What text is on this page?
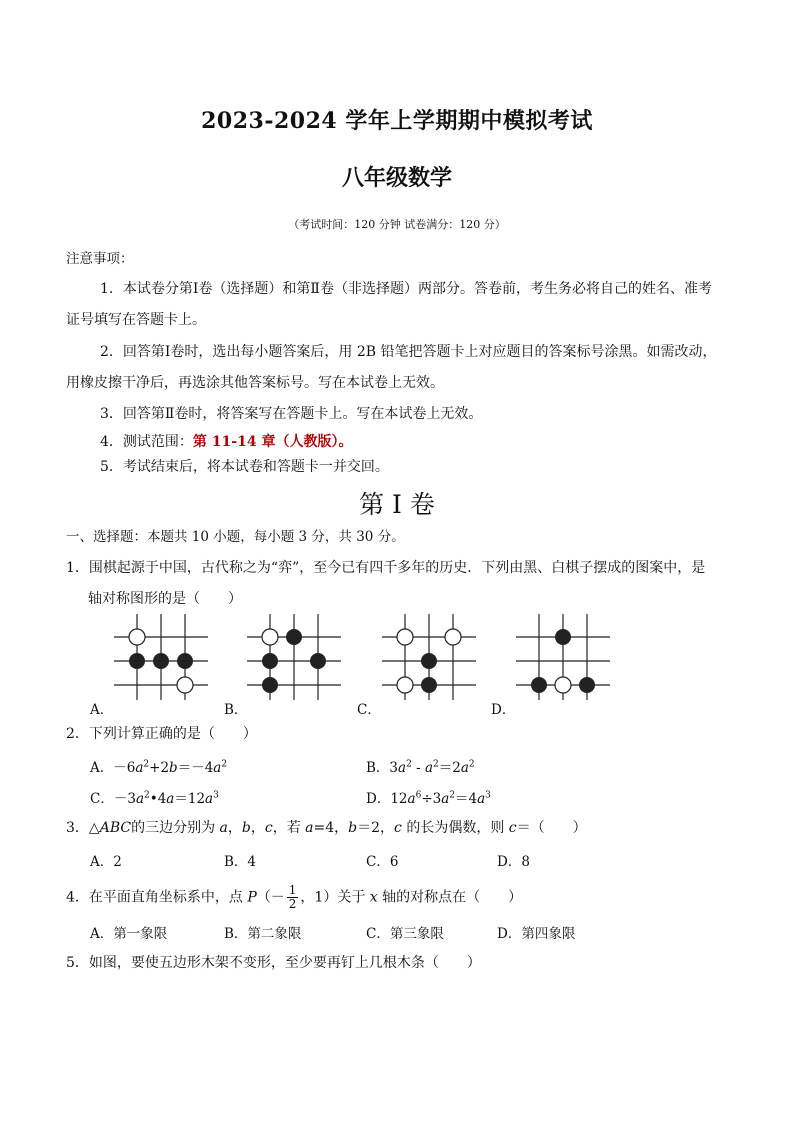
2023-2024 学年上学期期中模拟考试
八年级数学
（考试时间：120 分钟 试卷满分：120 分）
注意事项：
1．本试卷分第Ⅰ卷（选择题）和第Ⅱ卷（非选择题）两部分。答卷前，考生务必将自己的姓名、准考
证号填写在答题卡上。
2．回答第Ⅰ卷时，选出每小题答案后，用 2B 铅笔把答题卡上对应题目的答案标号涂黑。如需改动，
用橡皮擦干净后，再选涂其他答案标号。写在本试卷上无效。
3．回答第Ⅱ卷时，将答案写在答题卡上。写在本试卷上无效。
4．测试范围：第 11-14 章（人教版）。
5．考试结束后，将本试卷和答题卡一并交回。
第 I 卷
一、选择题：本题共 10 小题，每小题 3 分，共 30 分。
1．围棋起源于中国，古代称之为“弈”，至今已有四千多年的历史．下列由黑、白棋子摆成的图案中，是
轴对称图形的是（　　）
A．	B．	C．	D．
2．下列计算正确的是（　　）
A．$-6a^2+2b=-4a^2$	B．$3a^2 - a^2=2a^2$
C．$-3a^2•4a=12a^3$	D．$12a^6\div 3a^2=4a^3$
3．△ABC的三边分别为 a，b，c，若 a=4，b＝2，c 的长为偶数，则 c＝（　　）
A．2	B．4	C．6	D．8
4．在平面直角坐标系中，点 $P(- \frac{1}{2}$ ，1）关于 x 轴的对称点在（　　）
A．第一象限	B．第二象限	C．第三象限	D．第四象限
5．如图，要使五边形木架不变形，至少要再钉上几根木条（　　）
